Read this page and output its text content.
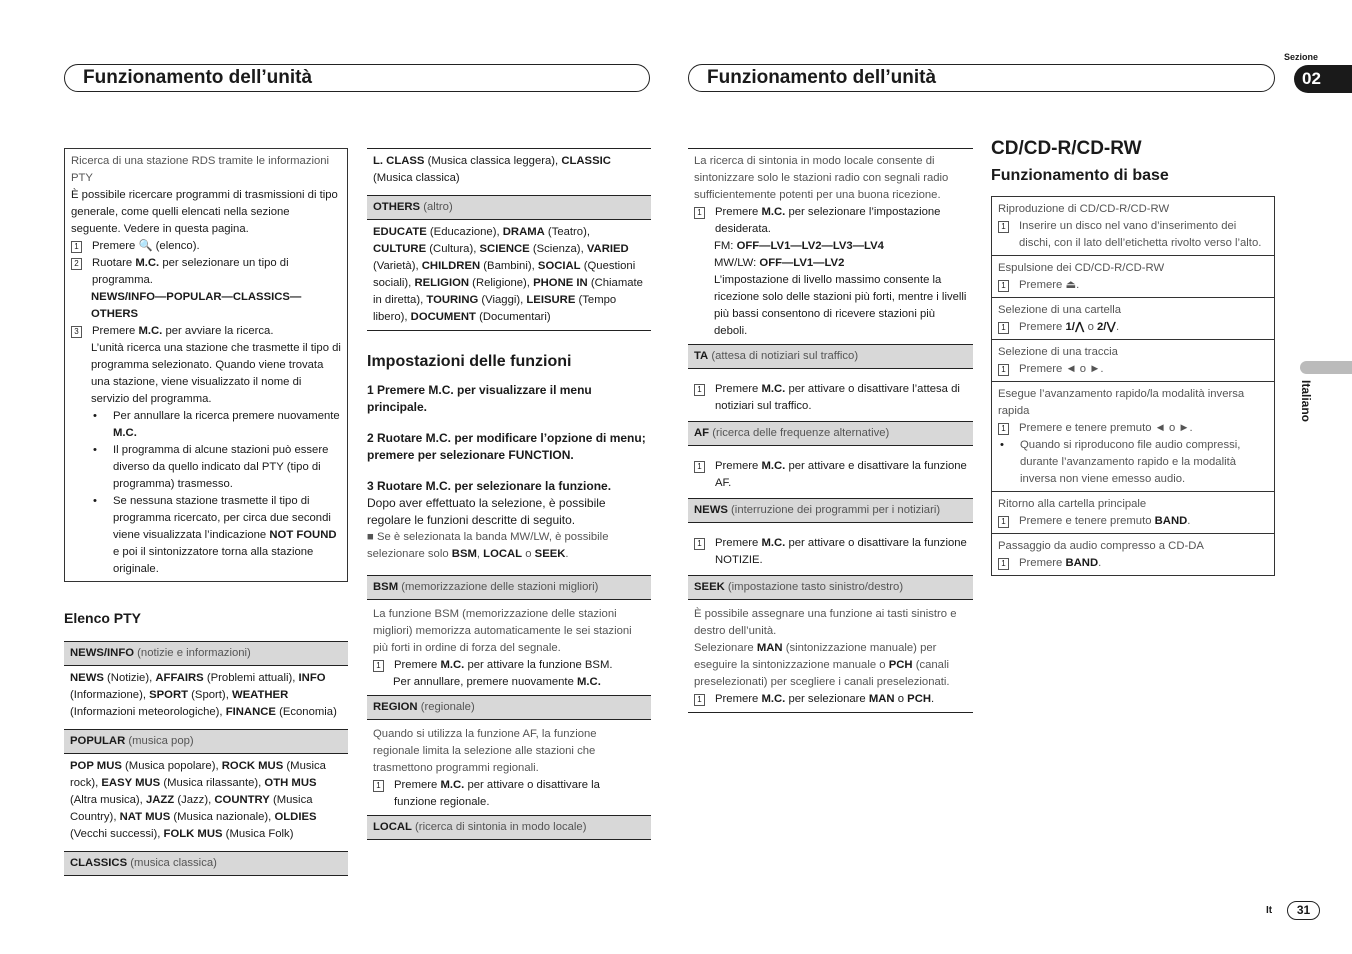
Funzionamento dell’unità	Funzionamento dell’unità
Sezione
02
Italiano
It	31

Ricerca di una stazione RDS tramite le informazioni PTY

È possibile ricercare programmi di trasmissioni di tipo generale, come quelli elencati nella sezione seguente. Vedere in questa pagina.

1 Premere 🔍 (elenco).
2 Ruotare M.C. per selezionare un tipo di programma.

NEWS/INFO—POPULAR—CLASSICS—OTHERS

3 Premere M.C. per avviare la ricerca.

L’unità ricerca una stazione che trasmette il tipo di programma selezionato. Quando viene trovata una stazione, viene visualizzato il nome di servizio del programma.

•	Per annullare la ricerca premere nuovamente M.C.
•	Il programma di alcune stazioni può essere diverso da quello indicato dal PTY (tipo di programma) trasmesso.
•	Se nessuna stazione trasmette il tipo di programma ricercato, per circa due secondi viene visualizzata l’indicazione NOT FOUND e poi il sintonizzatore torna alla stazione originale.
Elenco PTY
NEWS/INFO (notizie e informazioni)
NEWS (Notizie), AFFAIRS (Problemi attuali), INFO (Informazione), SPORT (Sport), WEATHER (Informazioni meteorologiche), FINANCE (Economia)
POPULAR (musica pop)
POP MUS (Musica popolare), ROCK MUS (Musica rock), EASY MUS (Musica rilassante), OTH MUS (Altra musica), JAZZ (Jazz), COUNTRY (Musica Country), NAT MUS (Musica nazionale), OLDIES (Vecchi successi), FOLK MUS (Musica Folk)
CLASSICS (musica classica)
L. CLASS (Musica classica leggera), CLASSIC (Musica classica)
OTHERS (altro)
EDUCATE (Educazione), DRAMA (Teatro), CULTURE (Cultura), SCIENCE (Scienza), VARIED (Varietà), CHILDREN (Bambini), SOCIAL (Questioni sociali), RELIGION (Religione), PHONE IN (Chiamate in diretta), TOURING (Viaggi), LEISURE (Tempo libero), DOCUMENT (Documentari)
Impostazioni delle funzioni

1 Premere M.C. per visualizzare il menu principale.

2 Ruotare M.C. per modificare l’opzione di menu; premere per selezionare FUNCTION.

3 Ruotare M.C. per selezionare la funzione.

Dopo aver effettuato la selezione, è possibile regolare le funzioni descritte di seguito.

■ Se è selezionata la banda MW/LW, è possibile selezionare solo BSM, LOCAL o SEEK.

BSM (memorizzazione delle stazioni migliori)

La funzione BSM (memorizzazione delle stazioni migliori) memorizza automaticamente le sei stazioni più forti in ordine di forza del segnale.

1 Premere M.C. per attivare la funzione BSM.

Per annullare, premere nuovamente M.C.

REGION (regionale)

Quando si utilizza la funzione AF, la funzione regionale limita la selezione alle stazioni che trasmettono programmi regionali.

1 Premere M.C. per attivare o disattivare la funzione regionale.
LOCAL (ricerca di sintonia in modo locale)

La ricerca di sintonia in modo locale consente di sintonizzare solo le stazioni radio con segnali radio sufficientemente potenti per una buona ricezione.

1 Premere M.C. per selezionare l’impostazione desiderata.

FM: OFF—LV1—LV2—LV3—LV4

MW/LW: OFF—LV1—LV2

L’impostazione di livello massimo consente la ricezione solo delle stazioni più forti, mentre i livelli più bassi consentono di ricevere stazioni più deboli.

TA (attesa di notiziari sul traffico)
1 Premere M.C. per attivare o disattivare l’attesa di notiziari sul traffico.
AF (ricerca delle frequenze alternative)
1 Premere M.C. per attivare e disattivare la funzione AF.
NEWS (interruzione dei programmi per i notiziari)
1 Premere M.C. per attivare o disattivare la funzione NOTIZIE.
SEEK (impostazione tasto sinistro/destro)

È possibile assegnare una funzione ai tasti sinistro e destro dell’unità.

Selezionare MAN (sintonizzazione manuale) per eseguire la sintonizzazione manuale o PCH (canali preselezionati) per scegliere i canali preselezionati.

1 Premere M.C. per selezionare MAN o PCH.
CD/CD-R/CD-RW
Funzionamento di base

Riproduzione di CD/CD-R/CD-RW

1 Inserire un disco nel vano d’inserimento dei dischi, con il lato dell’etichetta rivolto verso l’alto.

Espulsione dei CD/CD-R/CD-RW

1 Premere ⏏.

Selezione di una cartella

1 Premere 1/⋀ o 2/⋁.

Selezione di una traccia

1 Premere ◄ o ►.

Esegue l’avanzamento rapido/la modalità inversa rapida

1 Premere e tenere premuto ◄ o ►.
•	Quando si riproducono file audio compressi, durante l’avanzamento rapido e la modalità inversa non viene emesso audio.

Ritorno alla cartella principale

1 Premere e tenere premuto BAND.

Passaggio da audio compresso a CD-DA

1 Premere BAND.
